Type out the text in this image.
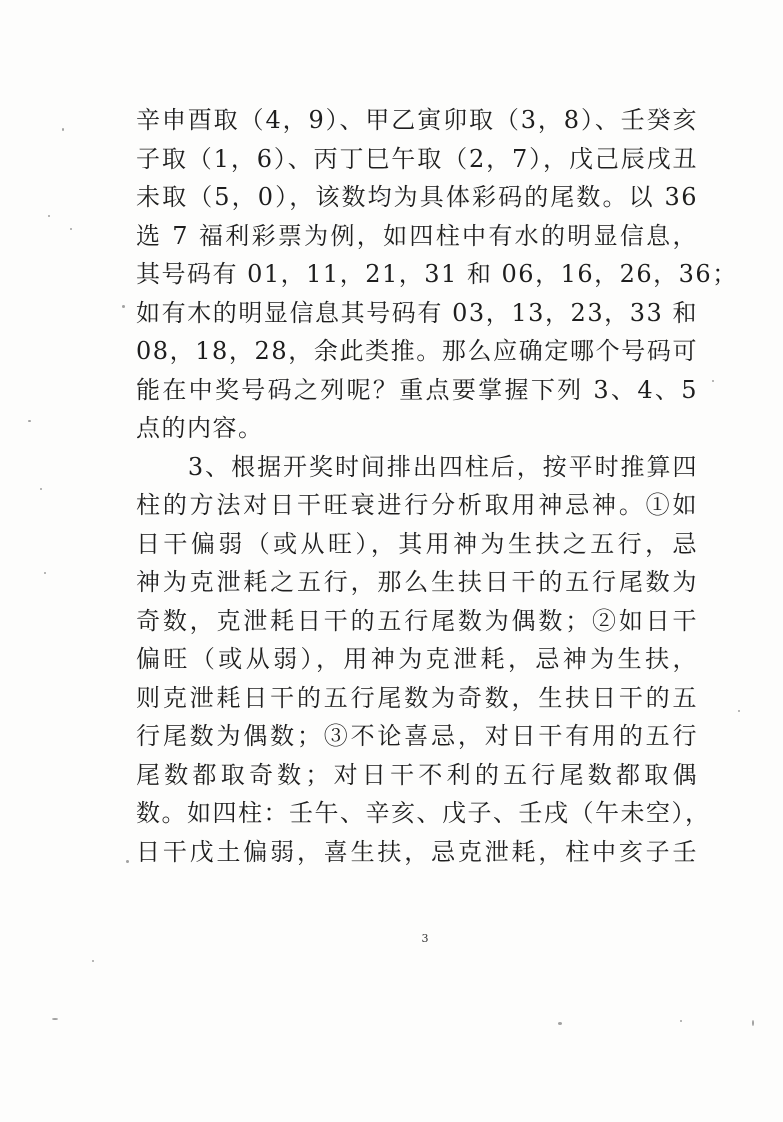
辛申酉取（4，9）、甲乙寅卯取（3，8）、壬癸亥
子取（1，6）、丙丁巳午取（2，7），戊己辰戌丑
未取（5，0），该数均为具体彩码的尾数。以 36
选 7 福利彩票为例，如四柱中有水的明显信息，
其号码有 01，11，21，31 和 06，16，26，36；
如有木的明显信息其号码有 03，13，23，33 和
08，18，28，余此类推。那么应确定哪个号码可
能在中奖号码之列呢？重点要掌握下列 3、4、5
点的内容。
　　3、根据开奖时间排出四柱后，按平时推算四
柱的方法对日干旺衰进行分析取用神忌神。①如
日干偏弱（或从旺），其用神为生扶之五行，忌
神为克泄耗之五行，那么生扶日干的五行尾数为
奇数，克泄耗日干的五行尾数为偶数；②如日干
偏旺（或从弱），用神为克泄耗，忌神为生扶，
则克泄耗日干的五行尾数为奇数，生扶日干的五
行尾数为偶数；③不论喜忌，对日干有用的五行
尾数都取奇数；对日干不利的五行尾数都取偶
数。如四柱：壬午、辛亥、戊子、壬戌（午未空），
日干戊土偏弱，喜生扶，忌克泄耗，柱中亥子壬
3
